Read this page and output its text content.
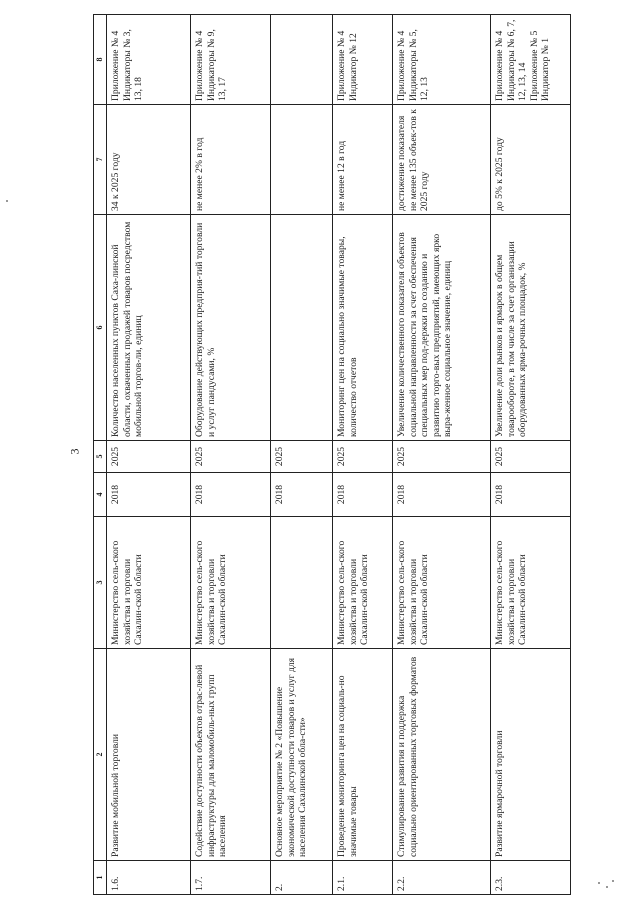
3
1	2	3	4	5	6	7	8
1.6.	Развитие мобильной торговли	Министерство сель-ского хозяйства и торговли Сахалин-ской области	2018	2025	Количество населенных пунктов Саха-линской области, охваченных продажей товаров посредством мобильной торгов-ли, единиц	34 к 2025 году	Приложение № 4 Индикаторы № 3, 13, 18
1.7.	Содействие доступности объектов отрас-левой инфраструктуры для маломобиль-ных групп населения	Министерство сель-ского хозяйства и торговли Сахалин-ской области	2018	2025	Оборудование действующих предприя-тий торговли и услуг пандусами, %	не менее 2% в год	Приложение № 4 Индикаторы № 9, 13, 17
2.	Основное мероприятие № 2 «Повышение экономической доступности товаров и услуг для населения Сахалинской обла-сти»		2018	2025			
2.1.	Проведение мониторинга цен на социаль-но значимые товары	Министерство сель-ского хозяйства и торговли Сахалин-ской области	2018	2025	Мониторинг цен на социально значимые товары, количество отчетов	не менее 12 в год	Приложение № 4 Индикатор № 12
2.2.	Стимулирование развития и поддержка социально ориентированных торговых форматов	Министерство сель-ского хозяйства и торговли Сахалин-ской области	2018	2025	Увеличение количественного показателя объектов социальной направленности за счет обеспечения специальных мер под-держки по созданию и развитию торго-вых предприятий, имеющих ярко выра-женное социальное значение, единиц	достижение показателя не менее 135 объек-тов к 2025 году	Приложение № 4 Индикаторы № 5, 12, 13
2.3.	Развитие ярмарочной торговли	Министерство сель-ского хозяйства и торговли Сахалин-ской области	2018	2025	Увеличение доли рынков и ярмарок в общем товарообороте, в том числе за счет организации оборудованных ярма-рочных площадок, %	до 5% к 2025 году	Приложение № 4 Индикаторы № 6, 7, 12, 13, 14 Приложение № 5 Индикатор № 1
